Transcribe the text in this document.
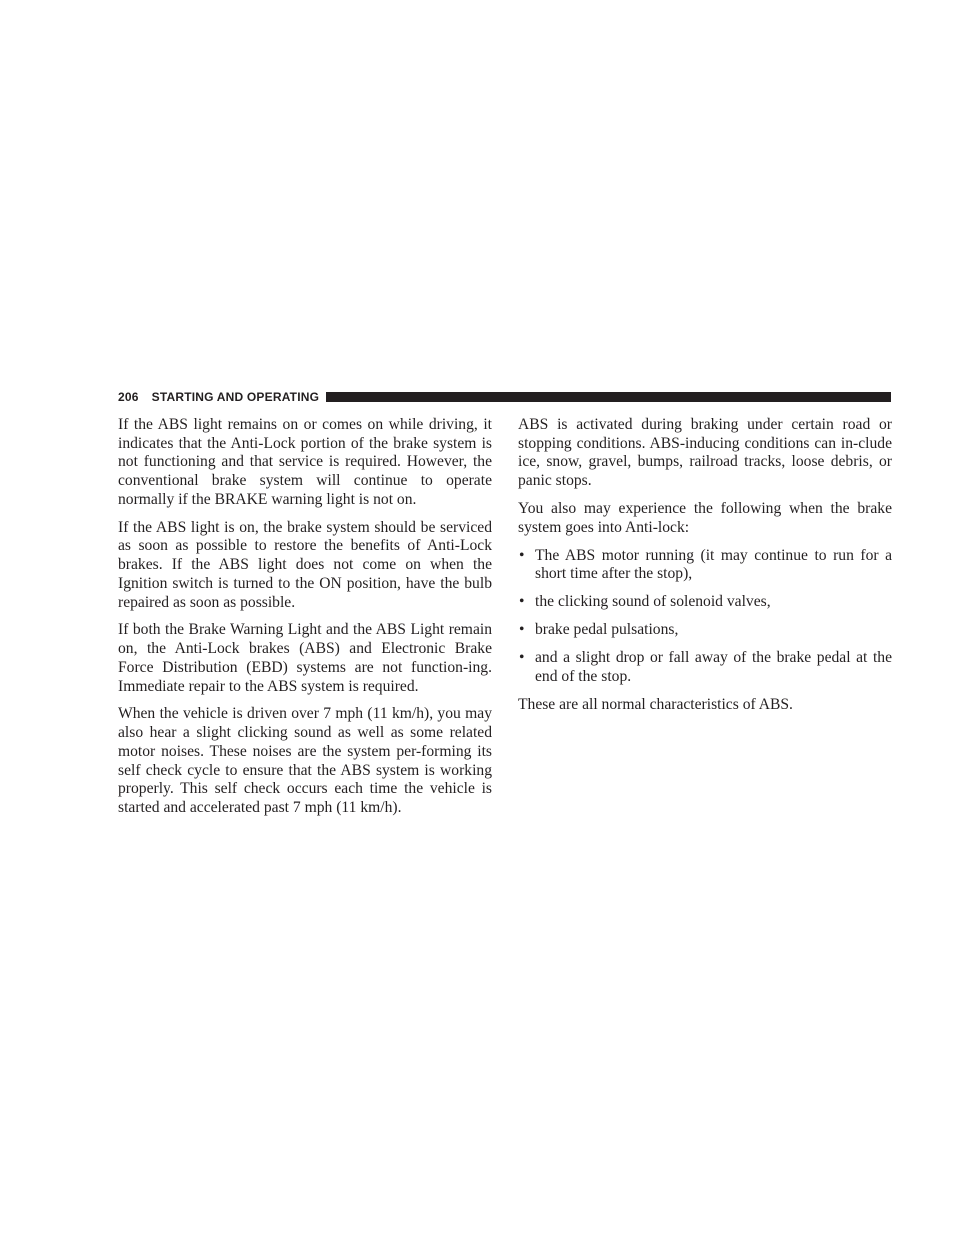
206 STARTING AND OPERATING

If the ABS light remains on or comes on while driving, it indicates that the Anti-Lock portion of the brake system is not functioning and that service is required. However, the conventional brake system will continue to operate normally if the BRAKE warning light is not on.

If the ABS light is on, the brake system should be serviced as soon as possible to restore the benefits of Anti-Lock brakes. If the ABS light does not come on when the Ignition switch is turned to the ON position, have the bulb repaired as soon as possible.

If both the Brake Warning Light and the ABS Light remain on, the Anti-Lock brakes (ABS) and Electronic Brake Force Distribution (EBD) systems are not function-ing. Immediate repair to the ABS system is required.

When the vehicle is driven over 7 mph (11 km/h), you may also hear a slight clicking sound as well as some related motor noises. These noises are the system per-forming its self check cycle to ensure that the ABS system is working properly. This self check occurs each time the vehicle is started and accelerated past 7 mph (11 km/h).

ABS is activated during braking under certain road or stopping conditions. ABS-inducing conditions can in-clude ice, snow, gravel, bumps, railroad tracks, loose debris, or panic stops.

You also may experience the following when the brake system goes into Anti-lock:

• The ABS motor running (it may continue to run for a short time after the stop),
• the clicking sound of solenoid valves,
• brake pedal pulsations,
• and a slight drop or fall away of the brake pedal at the end of the stop.

These are all normal characteristics of ABS.
